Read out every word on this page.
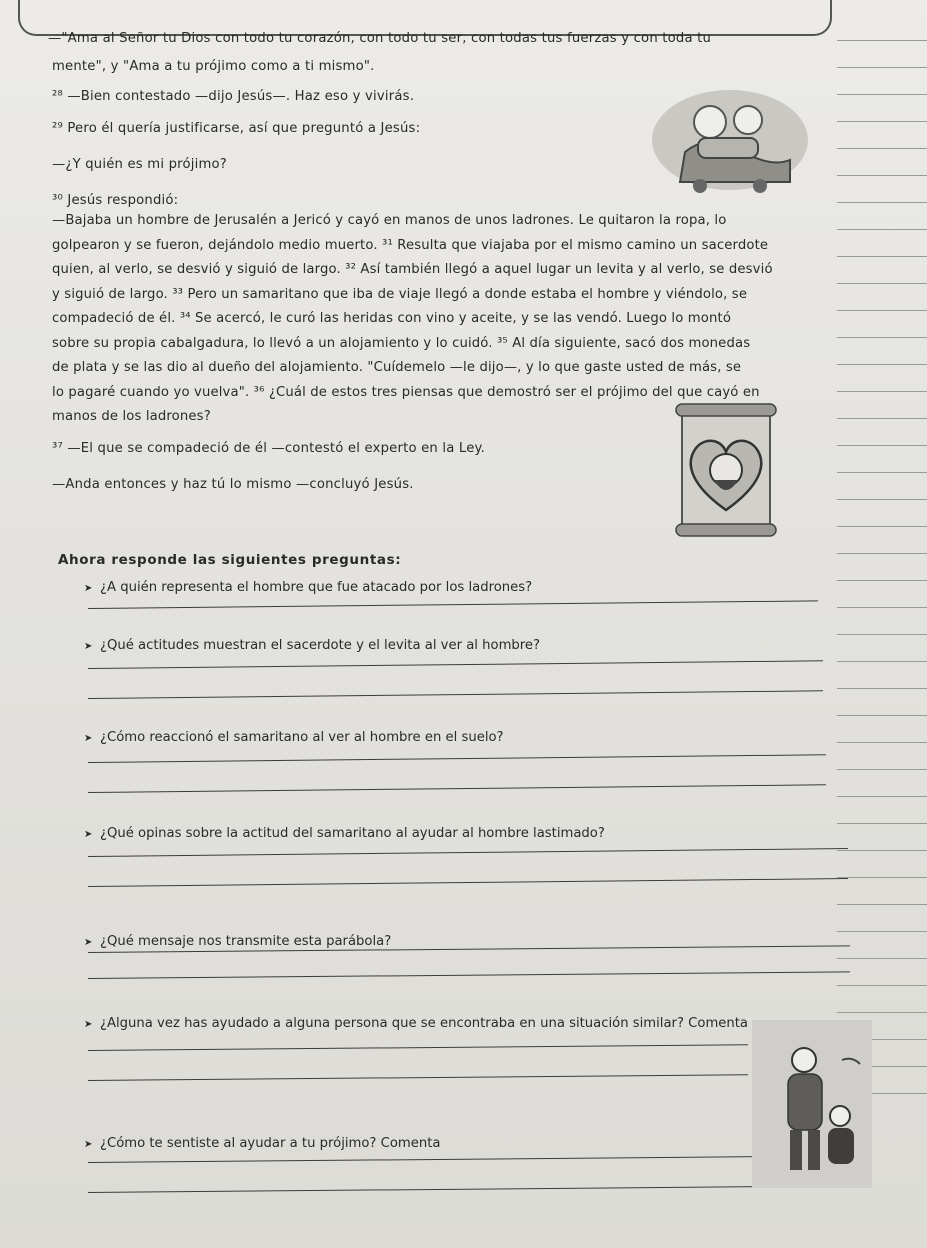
—"Ama al Señor tu Dios con todo tu corazón, con todo tu ser, con todas tus fuerzas y con toda tu
mente", y "Ama a tu prójimo como a ti mismo".
²⁸ —Bien contestado —dijo Jesús—. Haz eso y vivirás.
²⁹ Pero él quería justificarse, así que preguntó a Jesús:
—¿Y quién es mi prójimo?
³⁰ Jesús respondió:
—Bajaba un hombre de Jerusalén a Jericó y cayó en manos de unos ladrones. Le quitaron la ropa, lo
golpearon y se fueron, dejándolo medio muerto. ³¹ Resulta que viajaba por el mismo camino un sacerdote
quien, al verlo, se desvió y siguió de largo. ³² Así también llegó a aquel lugar un levita y al verlo, se desvió
y siguió de largo. ³³ Pero un samaritano que iba de viaje llegó a donde estaba el hombre y viéndolo, se
compadeció de él. ³⁴ Se acercó, le curó las heridas con vino y aceite, y se las vendó. Luego lo montó
sobre su propia cabalgadura, lo llevó a un alojamiento y lo cuidó. ³⁵ Al día siguiente, sacó dos monedas
de plata y se las dio al dueño del alojamiento. "Cuídemelo —le dijo—, y lo que gaste usted de más, se
lo pagaré cuando yo vuelva". ³⁶ ¿Cuál de estos tres piensas que demostró ser el prójimo del que cayó en
manos de los ladrones?
³⁷ —El que se compadeció de él —contestó el experto en la Ley.
—Anda entonces y haz tú lo mismo —concluyó Jesús.
Ahora responde las siguientes preguntas:
➤ ¿A quién representa el hombre que fue atacado por los ladrones?
➤ ¿Qué actitudes muestran el sacerdote y el levita al ver al hombre?
➤ ¿Cómo reaccionó el samaritano al ver al hombre en el suelo?
➤ ¿Qué opinas sobre la actitud del samaritano al ayudar al hombre lastimado?
➤ ¿Qué mensaje nos transmite esta parábola?
➤ ¿Alguna vez has ayudado a alguna persona que se encontraba en una situación similar? Comenta
➤ ¿Cómo te sentiste al ayudar a tu prójimo? Comenta
